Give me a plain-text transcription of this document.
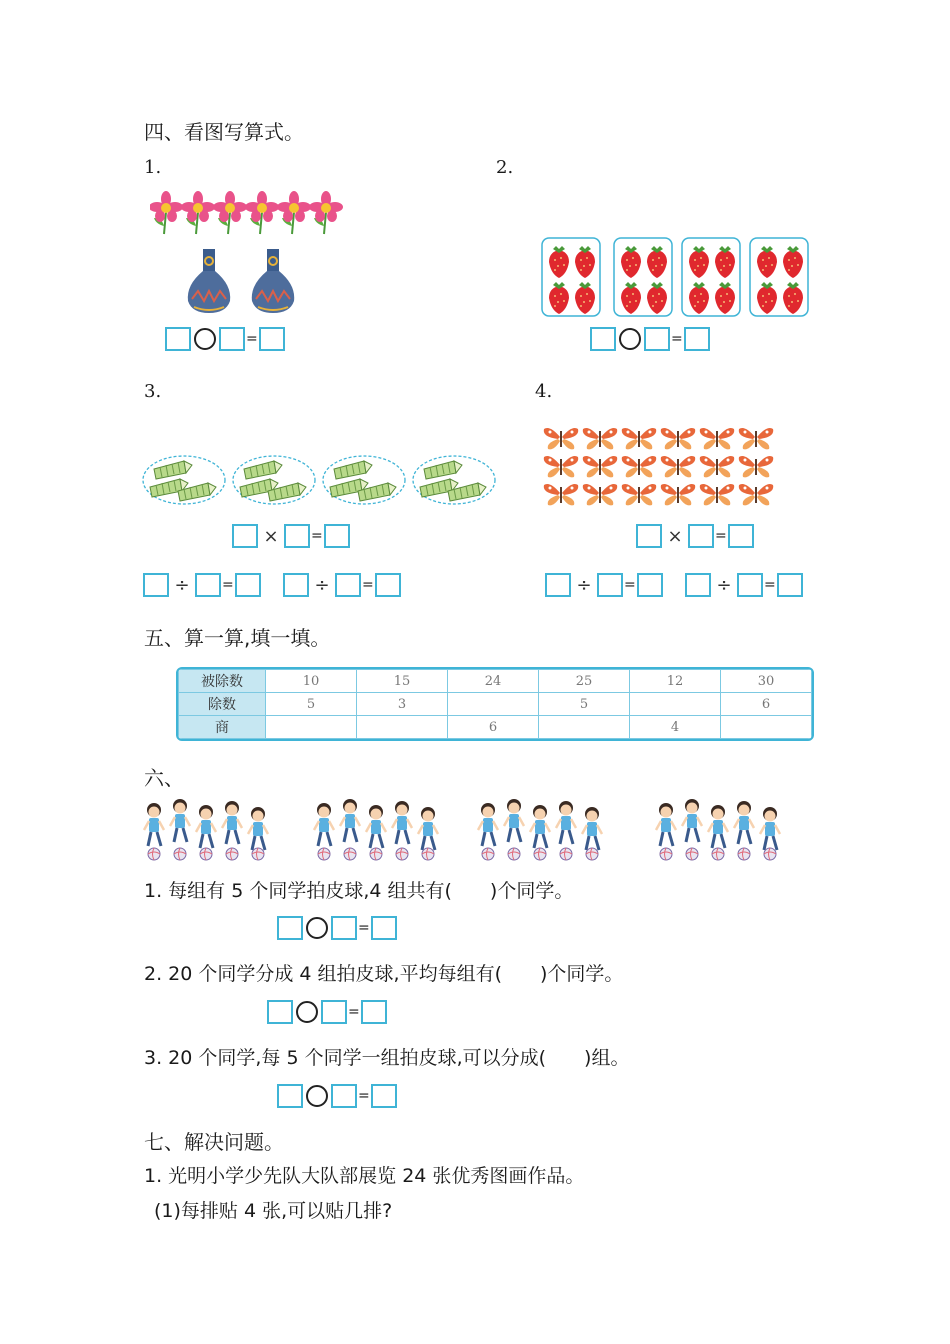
四、看图写算式。
1.	2.
=	=
3.	4.
× =	× =
÷ =	÷ =	÷ =	÷ =
五、算一算,填一填。
被除数	10	15	24	25	12	30
除数	5	3		5		6
商			6		4	
六、
1. 每组有 5 个同学拍皮球,4 组共有(　　)个同学。
=
2. 20 个同学分成 4 组拍皮球,平均每组有(　　)个同学。
=
3. 20 个同学,每 5 个同学一组拍皮球,可以分成(　　)组。
=
七、解决问题。
1. 光明小学少先队大队部展览 24 张优秀图画作品。
(1)每排贴 4 张,可以贴几排?
